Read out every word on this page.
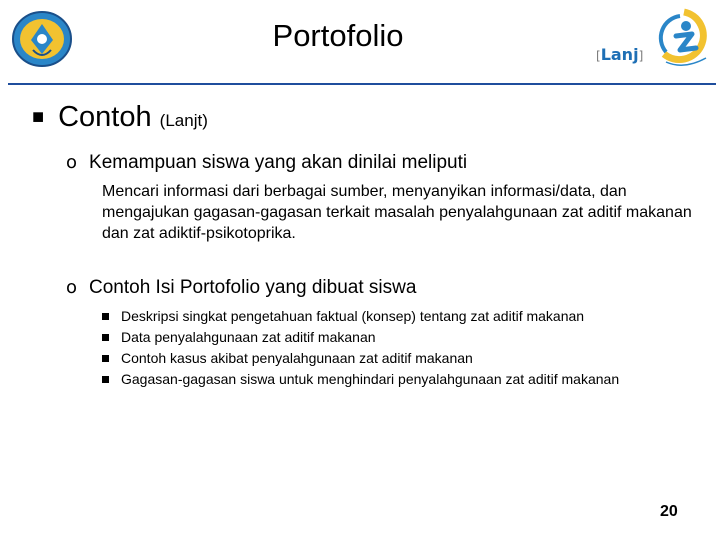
Portofolio
[Lanj]
■ Contoh (Lanjt)
o Kemampuan siswa yang akan dinilai meliputi
Mencari informasi dari berbagai sumber, menyanyikan informasi/data, dan mengajukan gagasan-gagasan terkait masalah penyalahgunaan zat aditif makanan dan zat adiktif-psikotoprika.
o Contoh Isi Portofolio yang dibuat siswa
Deskripsi singkat pengetahuan faktual (konsep) tentang zat aditif makanan
Data penyalahgunaan zat aditif makanan
Contoh kasus akibat penyalahgunaan zat aditif makanan
Gagasan-gagasan siswa untuk menghindari penyalahgunaan zat aditif makanan
20
